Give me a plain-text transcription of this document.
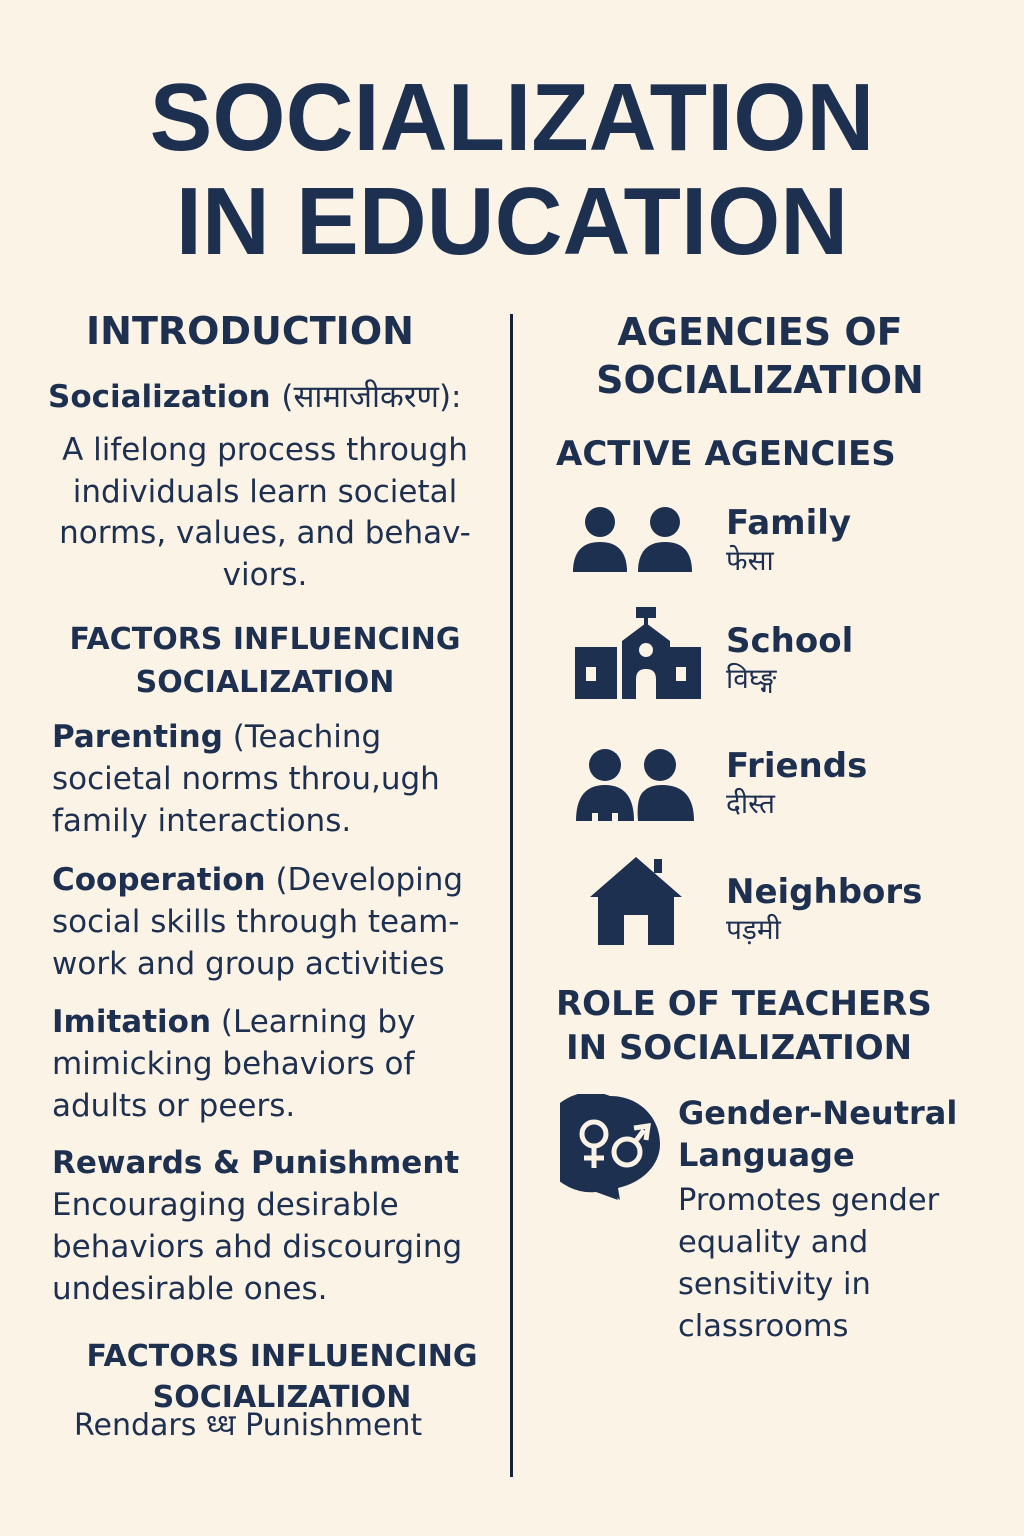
SOCIALIZATION
IN EDUCATION
INTRODUCTION
Socialization (सामाजीकरण):
A lifelong process through individuals learn societal norms, values, and behav-viors.
FACTORS INFLUENCING
SOCIALIZATION
Parenting (Teaching societal norms throu,ugh family interactions.
Cooperation (Developing social skills through team-work and group activities
Imitation (Learning by mimicking behaviors of adults or peers.
Rewards & Punishment
Encouraging desirable behaviors ahd discourging undesirable ones.
FACTORS INFLUENCING
SOCIALIZATION
Rendars ध्ध Punishment
AGENCIES OF
SOCIALIZATION
ACTIVE AGENCIES
Family
फेसा
School
विघ्ङ्ग
Friends
दीस्त
Neighbors
पड़मी
ROLE OF TEACHERS
IN SOCIALIZATION
Gender-Neutral
Language
Promotes gender equality and sensitivity in classrooms
